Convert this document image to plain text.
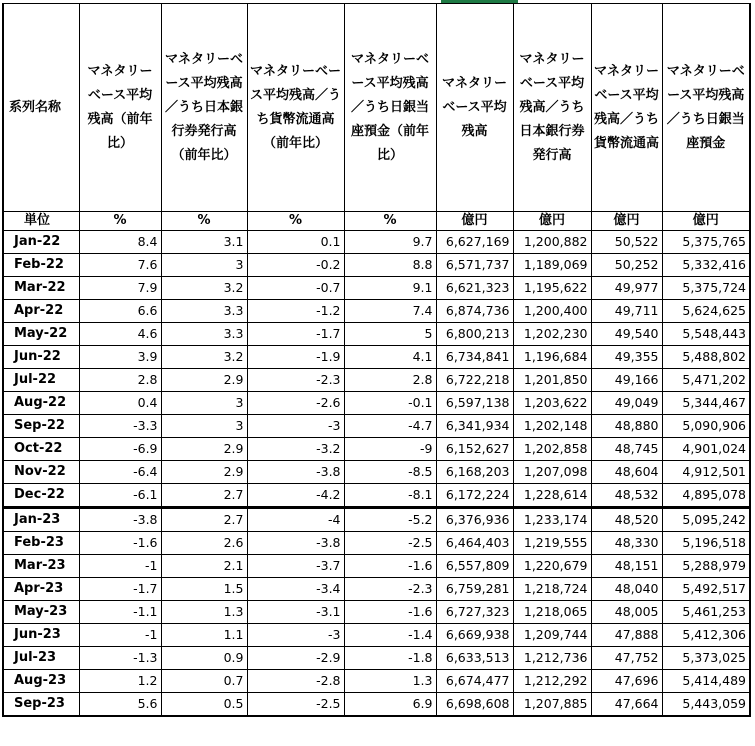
系列名称	マネタリーベース平均残高（前年比）	マネタリーベース平均残高／うち日本銀行券発行高（前年比）	マネタリーベース平均残高／うち貨幣流通高（前年比）	マネタリーベース平均残高／うち日銀当座預金（前年比）	マネタリーベース平均残高	マネタリーベース平均残高／うち日本銀行券発行高	マネタリーベース平均残高／うち貨幣流通高	マネタリーベース平均残高／うち日銀当座預金
単位	%	%	%	%	億円	億円	億円	億円
Jan-22	8.4	3.1	0.1	9.7	6,627,169	1,200,882	50,522	5,375,765
Feb-22	7.6	3	-0.2	8.8	6,571,737	1,189,069	50,252	5,332,416
Mar-22	7.9	3.2	-0.7	9.1	6,621,323	1,195,622	49,977	5,375,724
Apr-22	6.6	3.3	-1.2	7.4	6,874,736	1,200,400	49,711	5,624,625
May-22	4.6	3.3	-1.7	5	6,800,213	1,202,230	49,540	5,548,443
Jun-22	3.9	3.2	-1.9	4.1	6,734,841	1,196,684	49,355	5,488,802
Jul-22	2.8	2.9	-2.3	2.8	6,722,218	1,201,850	49,166	5,471,202
Aug-22	0.4	3	-2.6	-0.1	6,597,138	1,203,622	49,049	5,344,467
Sep-22	-3.3	3	-3	-4.7	6,341,934	1,202,148	48,880	5,090,906
Oct-22	-6.9	2.9	-3.2	-9	6,152,627	1,202,858	48,745	4,901,024
Nov-22	-6.4	2.9	-3.8	-8.5	6,168,203	1,207,098	48,604	4,912,501
Dec-22	-6.1	2.7	-4.2	-8.1	6,172,224	1,228,614	48,532	4,895,078
Jan-23	-3.8	2.7	-4	-5.2	6,376,936	1,233,174	48,520	5,095,242
Feb-23	-1.6	2.6	-3.8	-2.5	6,464,403	1,219,555	48,330	5,196,518
Mar-23	-1	2.1	-3.7	-1.6	6,557,809	1,220,679	48,151	5,288,979
Apr-23	-1.7	1.5	-3.4	-2.3	6,759,281	1,218,724	48,040	5,492,517
May-23	-1.1	1.3	-3.1	-1.6	6,727,323	1,218,065	48,005	5,461,253
Jun-23	-1	1.1	-3	-1.4	6,669,938	1,209,744	47,888	5,412,306
Jul-23	-1.3	0.9	-2.9	-1.8	6,633,513	1,212,736	47,752	5,373,025
Aug-23	1.2	0.7	-2.8	1.3	6,674,477	1,212,292	47,696	5,414,489
Sep-23	5.6	0.5	-2.5	6.9	6,698,608	1,207,885	47,664	5,443,059
